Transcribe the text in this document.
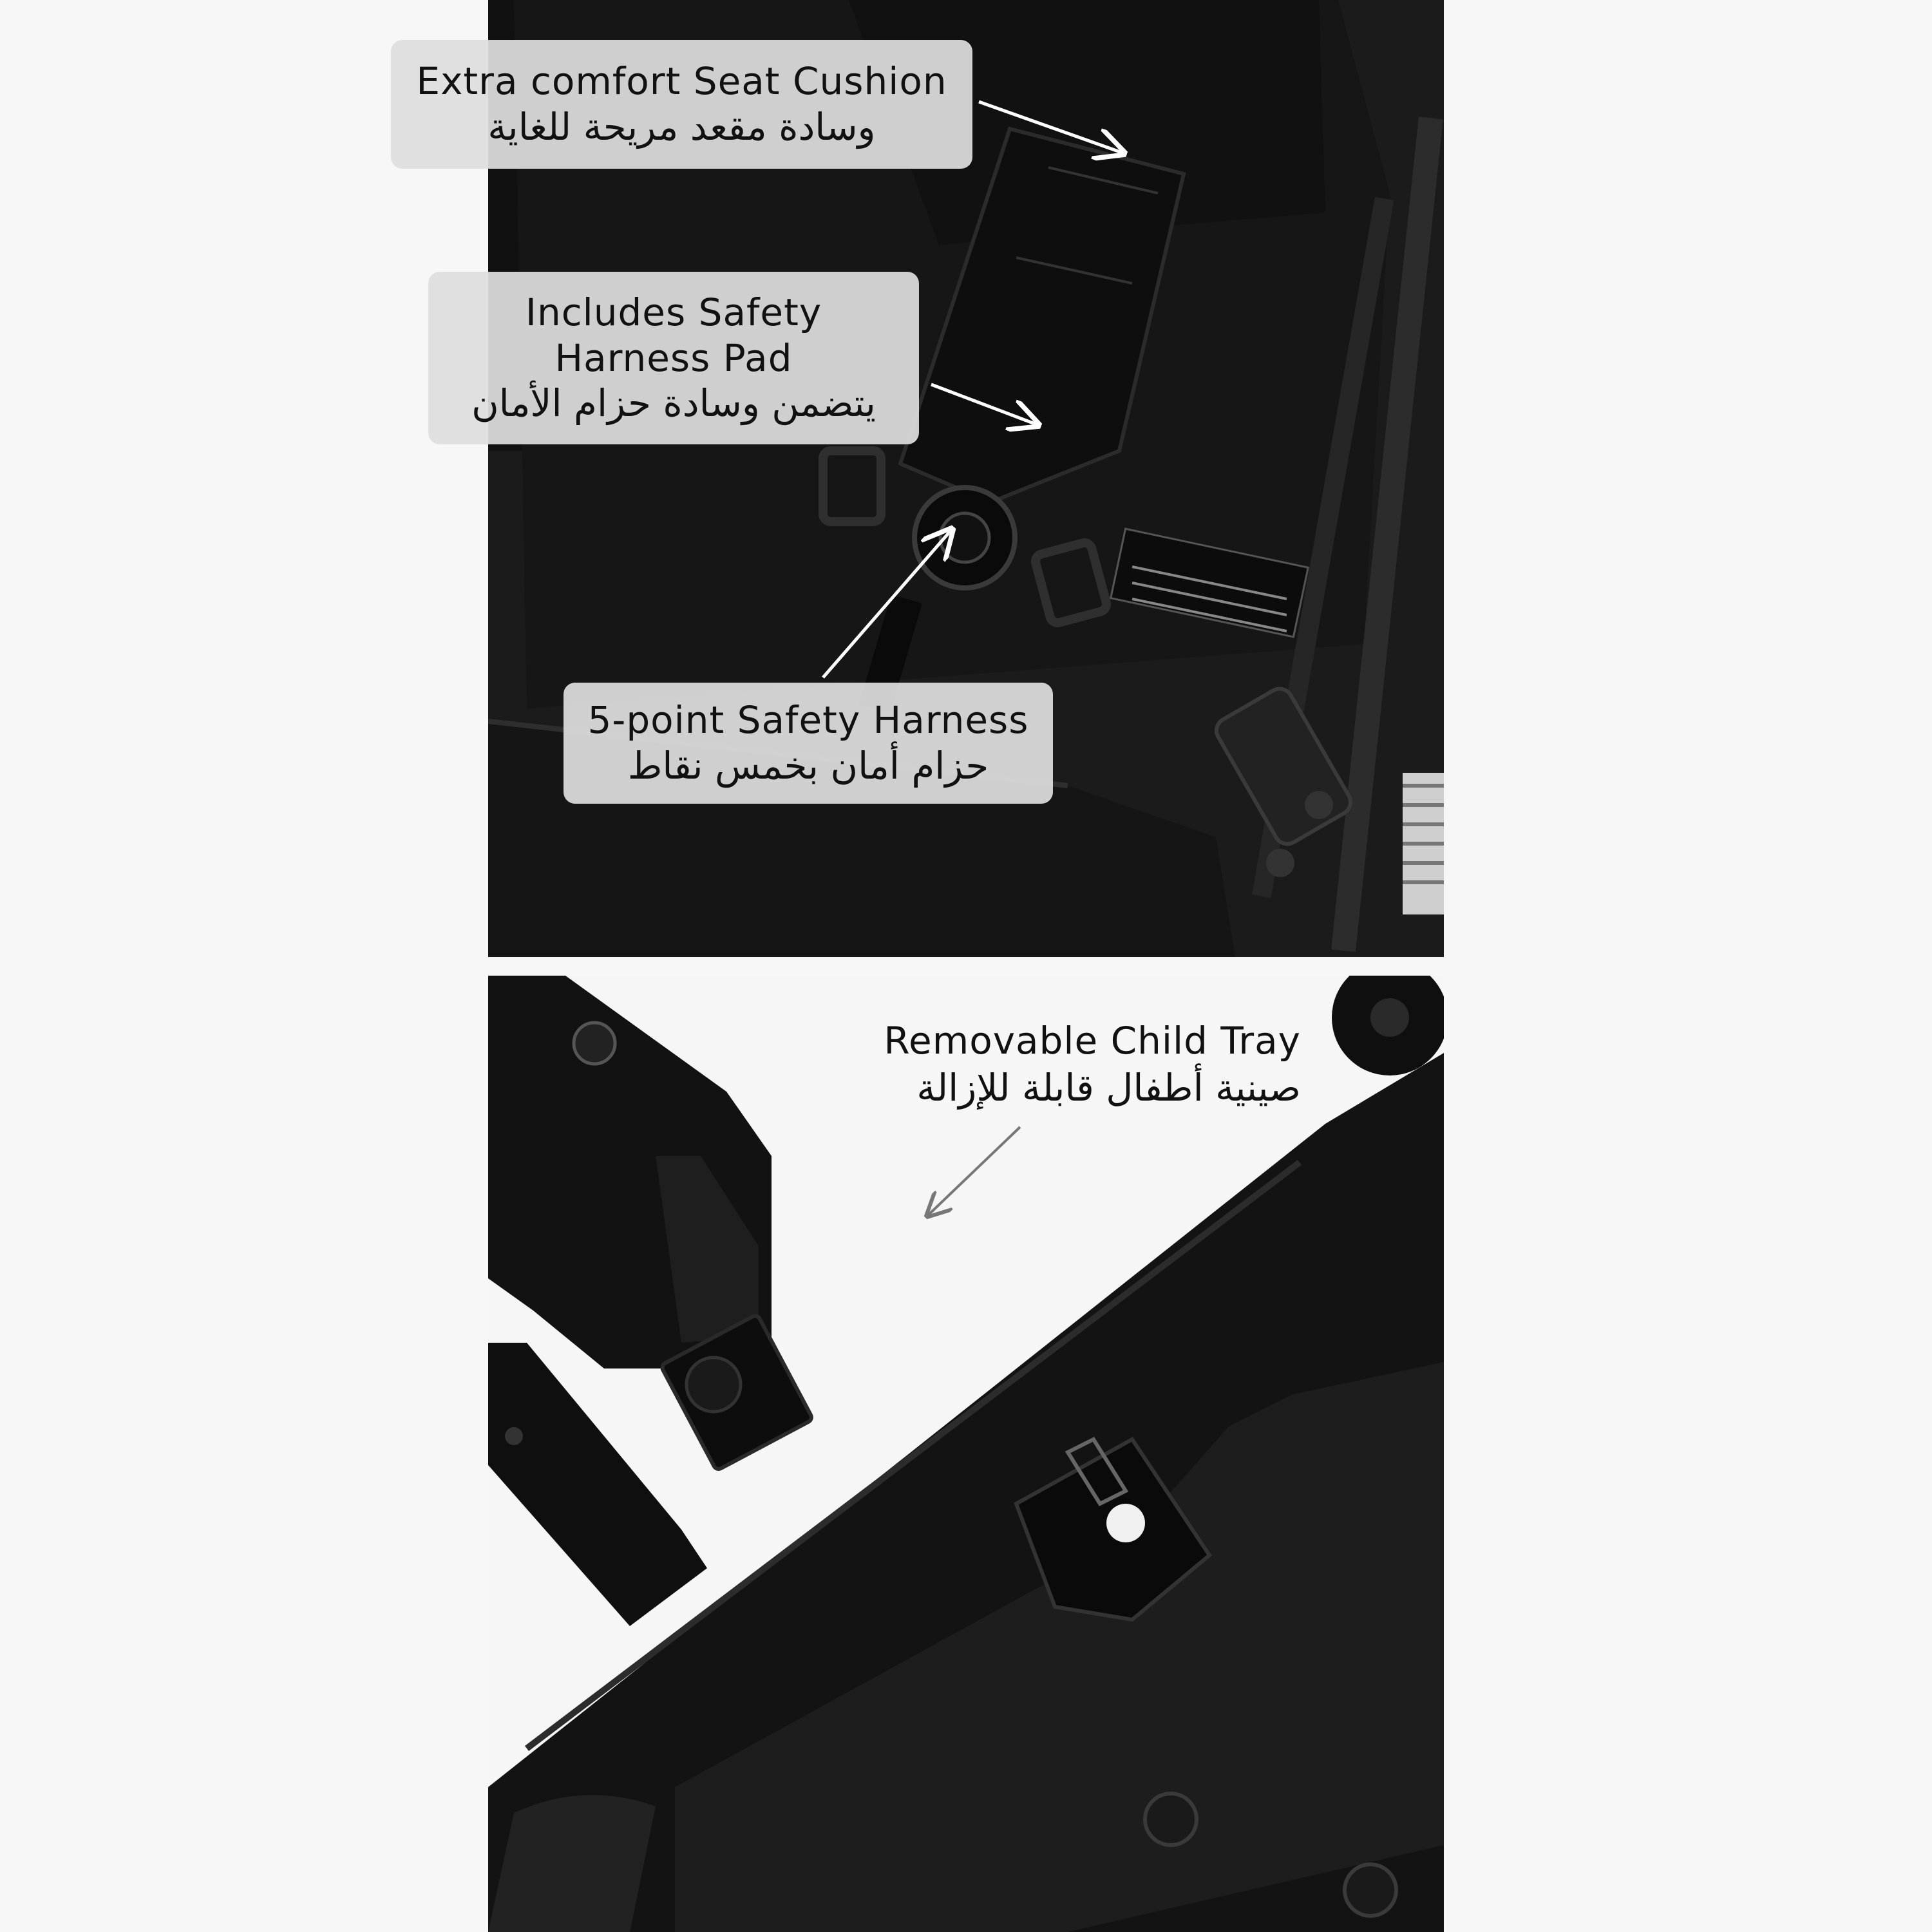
Extra comfort Seat Cushion
وسادة مقعد مريحة للغاية
Includes Safety
Harness Pad
يتضمن وسادة حزام الأمان
5-point Safety Harness
حزام أمان بخمس نقاط
Removable Child Tray
صينية أطفال قابلة للإزالة
